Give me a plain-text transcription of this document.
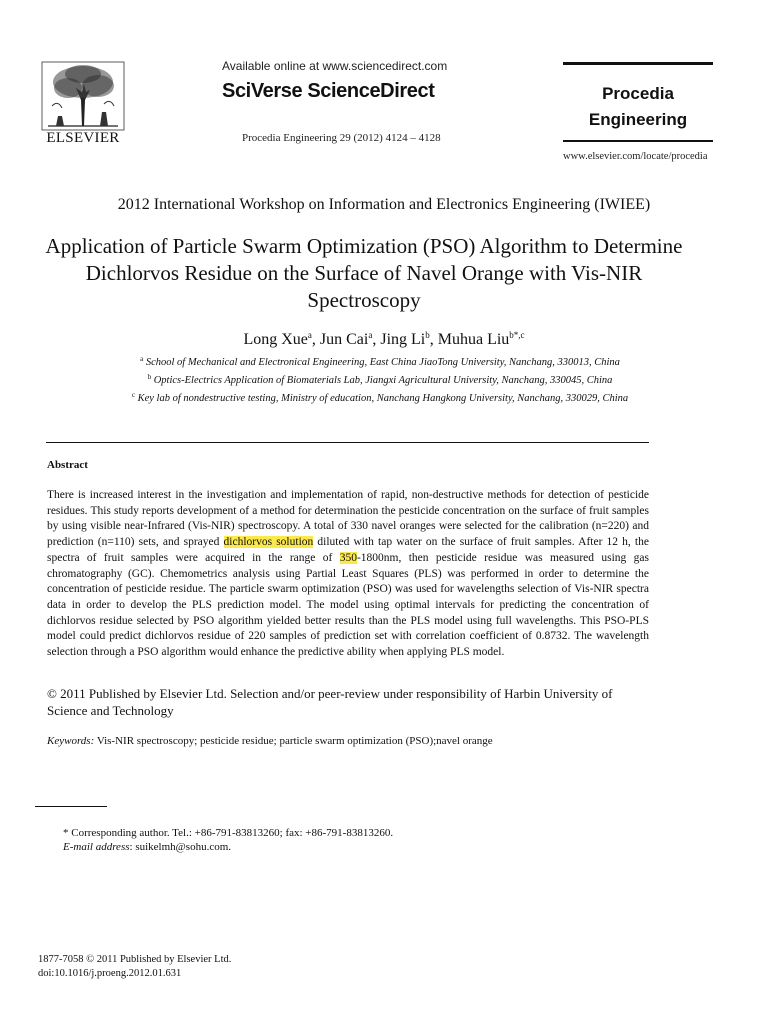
ELSEVIER
Available online at www.sciencedirect.com
SciVerse ScienceDirect
Procedia Engineering 29 (2012) 4124 – 4128
Procedia
Engineering
www.elsevier.com/locate/procedia
2012 International Workshop on Information and Electronics Engineering (IWIEE)
Application of Particle Swarm Optimization (PSO) Algorithm to Determine Dichlorvos Residue on the Surface of Navel Orange with Vis-NIR Spectroscopy
Long Xue$^a$, Jun Cai$^a$, Jing Li$^b$, Muhua Liu$^{b*,c}$
$^a$ School of Mechanical and Electronical Engineering, East China JiaoTong University, Nanchang, 330013, China
$^b$ Optics-Electrics Application of Biomaterials Lab, Jiangxi Agricultural University, Nanchang, 330045, China
$^c$ Key lab of nondestructive testing, Ministry of education, Nanchang Hangkong University, Nanchang, 330029, China
Abstract
There is increased interest in the investigation and implementation of rapid, non-destructive methods for detection of pesticide residues. This study reports development of a method for determination the pesticide concentration on the surface of fruit samples by using visible near-Infrared (Vis-NIR) spectroscopy. A total of 330 navel oranges were selected for the calibration (n=220) and prediction (n=110) sets, and sprayed dichlorvos solution diluted with tap water on the surface of fruit samples. After 12 h, the spectra of fruit samples were acquired in the range of 350-1800nm, then pesticide residue was measured using gas chromatography (GC). Chemometrics analysis using Partial Least Squares (PLS) was performed in order to determine the concentration of pesticide residue. The particle swarm optimization (PSO) was used for wavelengths selection of Vis-NIR spectra data in order to develop the PLS prediction model. The model using optimal intervals for predicting the concentration of dichlorvos residue selected by PSO algorithm yielded better results than the PLS model using full wavelengths. This PSO-PLS model could predict dichlorvos residue of 220 samples of prediction set with correlation coefficient of 0.8732. The wavelength selection through a PSO algorithm would enhance the predictive ability when applying PLS model.
© 2011 Published by Elsevier Ltd. Selection and/or peer-review under responsibility of Harbin University of Science and Technology
Keywords: Vis-NIR spectroscopy; pesticide residue; particle swarm optimization (PSO);navel orange
* Corresponding author. Tel.: +86-791-83813260; fax: +86-791-83813260.
E-mail address: suikelmh@sohu.com.
1877-7058 © 2011 Published by Elsevier Ltd.
doi:10.1016/j.proeng.2012.01.631
